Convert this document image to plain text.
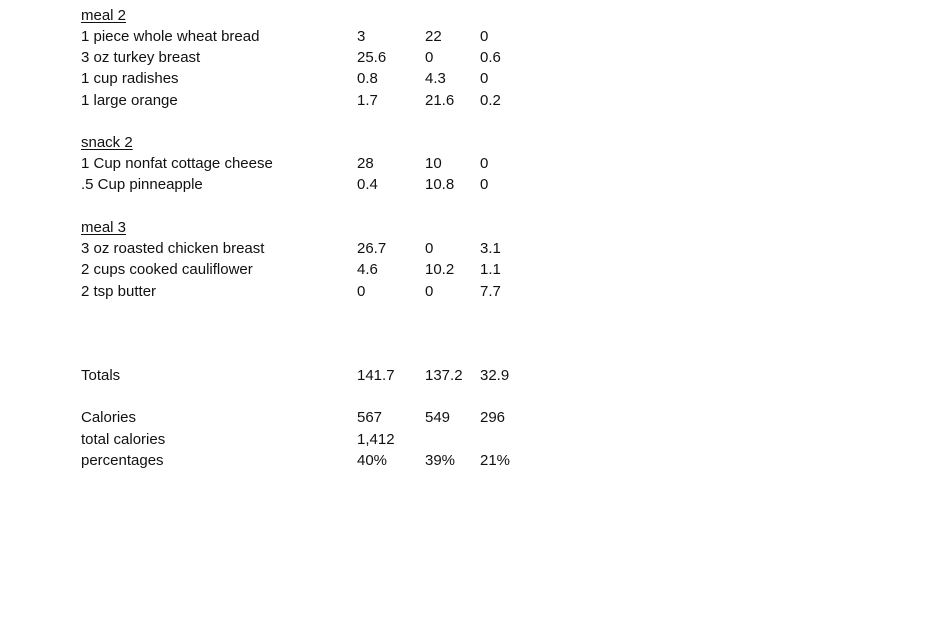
meal 2
1 piece whole wheat bread	3	22	0
3 oz turkey breast	25.6	0	0.6
1 cup radishes	0.8	4.3 0
1 large orange	1.7	21.6 0.2
snack 2
1 Cup nonfat cottage cheese	28	10	0
.5 Cup pinneapple	0.4	10.8 0
meal 3
3 oz roasted chicken breast	26.7	0	3.1
2 cups cooked cauliflower	4.6	10.2 1.1
2 tsp butter	0	0	7.7
Totals	141.7 137.2 32.9
Calories	567	549 296
total calories	1,412
percentages	40%	39% 21%
